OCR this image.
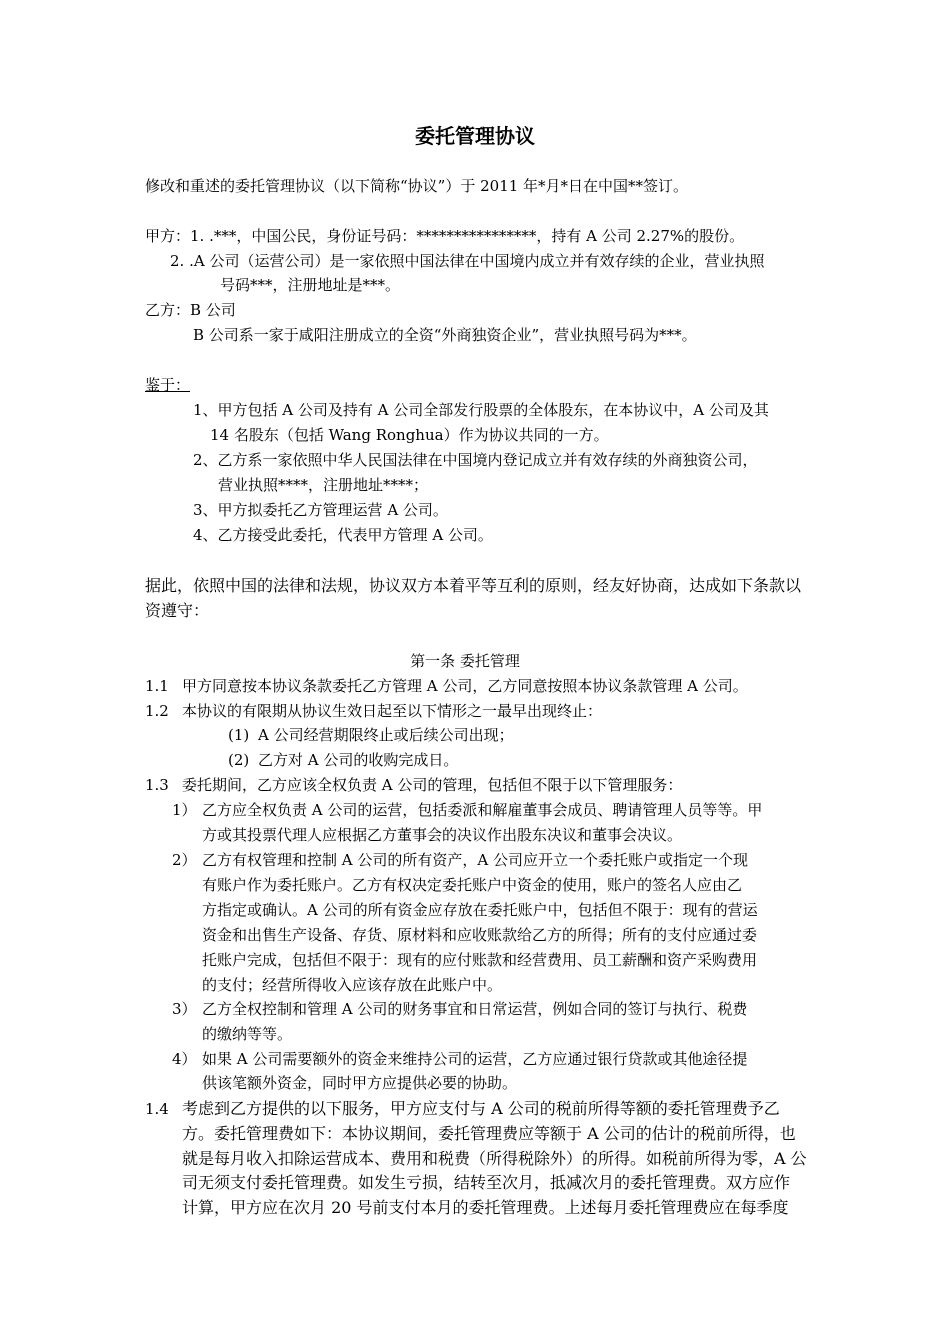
委托管理协议
修改和重述的委托管理协议（以下简称“协议”）于 2011 年*月*日在中国**签订。
甲方：1. .***，中国公民，身份证号码：****************，持有 A 公司 2.27%的股份。
2. .A 公司（运营公司）是一家依照中国法律在中国境内成立并有效存续的企业，营业执照
号码***，注册地址是***。
乙方：B 公司
B 公司系一家于咸阳注册成立的全资“外商独资企业”，营业执照号码为***。
鉴于：
1、甲方包括 A 公司及持有 A 公司全部发行股票的全体股东，在本协议中，A 公司及其
14 名股东（包括 Wang Ronghua）作为协议共同的一方。
2、乙方系一家依照中华人民国法律在中国境内登记成立并有效存续的外商独资公司，
营业执照****，注册地址****；
3、甲方拟委托乙方管理运营 A 公司。
4、乙方接受此委托，代表甲方管理 A 公司。
据此，依照中国的法律和法规，协议双方本着平等互利的原则，经友好协商，达成如下条款以
资遵守：
第一条 委托管理
1.1 甲方同意按本协议条款委托乙方管理 A 公司，乙方同意按照本协议条款管理 A 公司。
1.2 本协议的有限期从协议生效日起至以下情形之一最早出现终止：
(1) A 公司经营期限终止或后续公司出现；
(2) 乙方对 A 公司的收购完成日。
1.3 委托期间，乙方应该全权负责 A 公司的管理，包括但不限于以下管理服务：
1） 乙方应全权负责 A 公司的运营，包括委派和解雇董事会成员、聘请管理人员等等。甲
方或其投票代理人应根据乙方董事会的决议作出股东决议和董事会决议。
2） 乙方有权管理和控制 A 公司的所有资产，A 公司应开立一个委托账户或指定一个现
有账户作为委托账户。乙方有权决定委托账户中资金的使用，账户的签名人应由乙
方指定或确认。A 公司的所有资金应存放在委托账户中，包括但不限于：现有的营运
资金和出售生产设备、存货、原材料和应收账款给乙方的所得；所有的支付应通过委
托账户完成，包括但不限于：现有的应付账款和经营费用、员工薪酬和资产采购费用
的支付；经营所得收入应该存放在此账户中。
3） 乙方全权控制和管理 A 公司的财务事宜和日常运营，例如合同的签订与执行、税费
的缴纳等等。
4） 如果 A 公司需要额外的资金来维持公司的运营，乙方应通过银行贷款或其他途径提
供该笔额外资金，同时甲方应提供必要的协助。
1.4 考虑到乙方提供的以下服务，甲方应支付与 A 公司的税前所得等额的委托管理费予乙
方。委托管理费如下：本协议期间，委托管理费应等额于 A 公司的估计的税前所得，也
就是每月收入扣除运营成本、费用和税费（所得税除外）的所得。如税前所得为零，A 公
司无须支付委托管理费。如发生亏损，结转至次月，抵减次月的委托管理费。双方应作
计算，甲方应在次月 20 号前支付本月的委托管理费。上述每月委托管理费应在每季度
